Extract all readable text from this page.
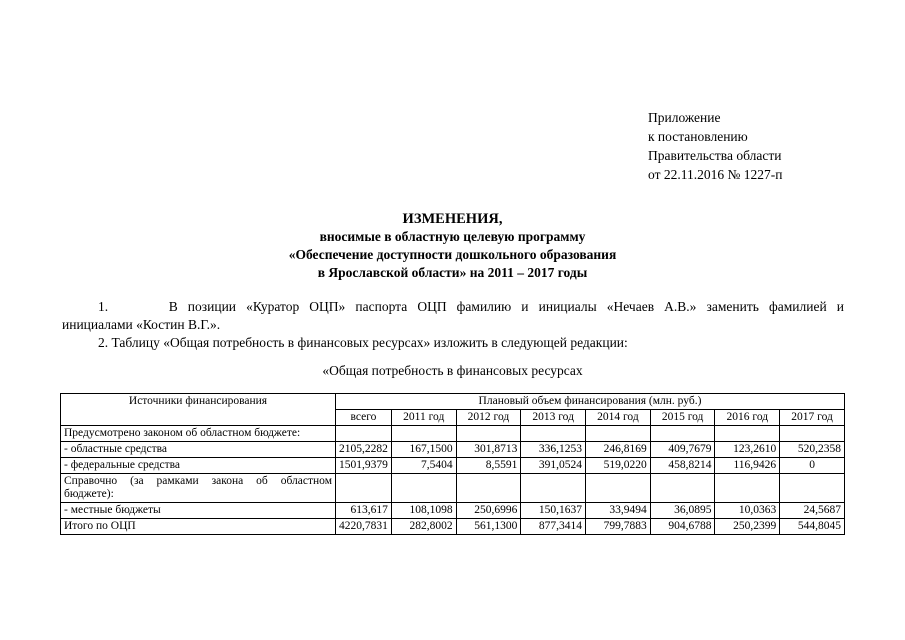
Приложение
к постановлению
Правительства области
от 22.11.2016 № 1227-п
ИЗМЕНЕНИЯ,
вносимые в областную целевую программу
«Обеспечение доступности дошкольного образования
в Ярославской области» на 2011 – 2017 годы
1.      В позиции «Куратор ОЦП» паспорта ОЦП фамилию и инициалы «Нечаев А.В.» заменить фамилией и
инициалами «Костин В.Г.».
2. Таблицу «Общая потребность в финансовых ресурсах» изложить в следующей редакции:
«Общая потребность в финансовых ресурсах
Источники финансирования	Плановый объем финансирования (млн. руб.)							
	всего	2011 год	2012 год	2013 год	2014 год	2015 год	2016 год	2017 год
Предусмотрено законом об областном бюджете:								
- областные средства	2105,2282	167,1500	301,8713	336,1253	246,8169	409,7679	123,2610	520,2358
- федеральные средства	1501,9379	7,5404	8,5591	391,0524	519,0220	458,8214	116,9426	0
Справочно (за рамками закона об областном бюджете):								
- местные бюджеты	613,617	108,1098	250,6996	150,1637	33,9494	36,0895	10,0363	24,5687
Итого по ОЦП	4220,7831	282,8002	561,1300	877,3414	799,7883	904,6788	250,2399	544,8045
